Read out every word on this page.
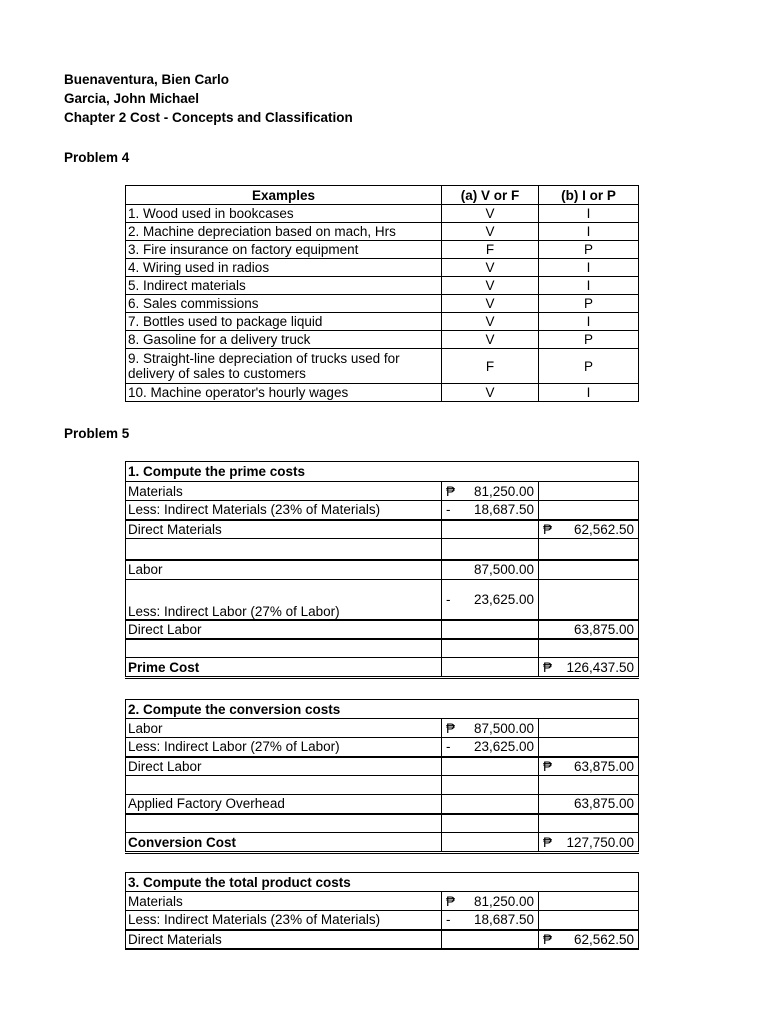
Buenaventura, Bien Carlo
Garcia, John Michael
Chapter 2 Cost - Concepts and Classification
Problem 4
Examples	(a) V or F	(b) I or P
1. Wood used in bookcases	V	I
2. Machine depreciation based on mach, Hrs	V	I
3. Fire insurance on factory equipment	F	P
4. Wiring used in radios	V	I
5. Indirect materials	V	I
6. Sales commissions	V	P
7. Bottles used to package liquid	V	I
8. Gasoline for a delivery truck	V	P
9. Straight-line depreciation of trucks used for delivery of sales to customers	F	P
10. Machine operator's hourly wages	V	I
Problem 5
1. Compute the prime costs		
Materials	₱ 81,250.00	
Less: Indirect Materials (23% of Materials)	- 18,687.50	
Direct Materials		₱ 62,562.50

Labor	87,500.00	
Less: Indirect Labor (27% of Labor)	- 23,625.00	
Direct Labor		63,875.00

Prime Cost		₱ 126,437.50
2. Compute the conversion costs		
Labor	₱ 87,500.00	
Less: Indirect Labor (27% of Labor)	- 23,625.00	
Direct Labor		₱ 63,875.00

Applied Factory Overhead		63,875.00

Conversion Cost		₱ 127,750.00
3. Compute the total product costs		
Materials	₱ 81,250.00	
Less: Indirect Materials (23% of Materials)	- 18,687.50	
Direct Materials		₱ 62,562.50
